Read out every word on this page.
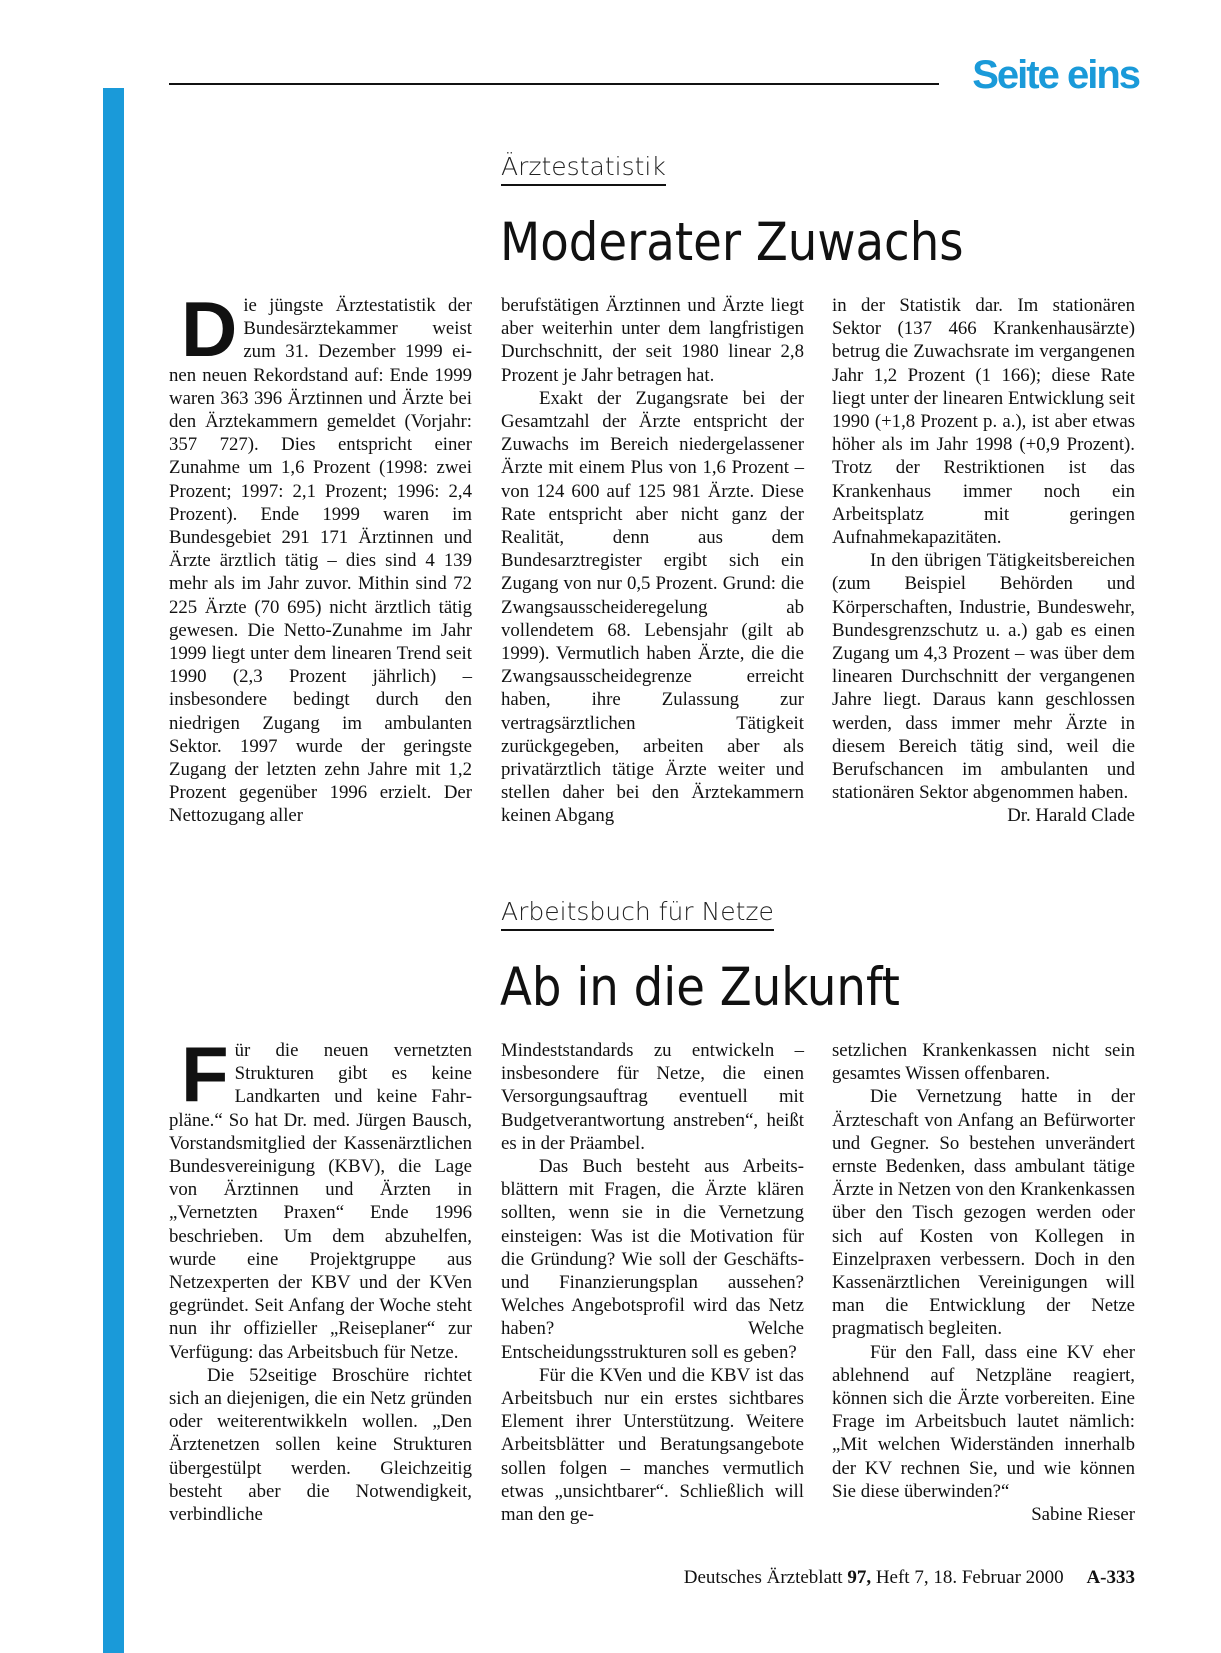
Seite eins
Ärztestatistik
Moderater Zuwachs
D ie jüngste Ärztestatistik der Bundesärztekammer weist zum 31. Dezember 1999 einen neuen Rekordstand auf: Ende 1999 waren 363 396 Ärztinnen und Ärzte bei den Ärztekammern gemeldet (Vorjahr: 357 727). Dies entspricht einer Zunahme um 1,6 Prozent (1998: zwei Prozent; 1997: 2,1 Prozent; 1996: 2,4 Prozent). Ende 1999 waren im Bundesgebiet 291 171 Ärztinnen und Ärzte ärztlich tätig – dies sind 4 139 mehr als im Jahr zuvor. Mithin sind 72 225 Ärzte (70 695) nicht ärztlich tätig gewesen. Die Netto-Zunahme im Jahr 1999 liegt unter dem linearen Trend seit 1990 (2,3 Prozent jährlich) – insbesondere bedingt durch den niedrigen Zugang im ambulanten Sektor. 1997 wurde der geringste Zugang der letzten zehn Jahre mit 1,2 Prozent gegenüber 1996 erzielt. Der Nettozugang aller

berufstätigen Ärztinnen und Ärzte liegt aber weiterhin unter dem langfristigen Durchschnitt, der seit 1980 linear 2,8 Prozent je Jahr betragen hat.

Exakt der Zugangsrate bei der Gesamtzahl der Ärzte entspricht der Zuwachs im Bereich niedergelassener Ärzte mit einem Plus von 1,6 Prozent – von 124 600 auf 125 981 Ärzte. Diese Rate entspricht aber nicht ganz der Realität, denn aus dem Bundesarztregister ergibt sich ein Zugang von nur 0,5 Prozent. Grund: die Zwangsausscheideregelung ab vollendetem 68. Lebensjahr (gilt ab 1999). Vermutlich haben Ärzte, die die Zwangsausscheidegrenze erreicht haben, ihre Zulassung zur vertragsärztlichen Tätigkeit zurückgegeben, arbeiten aber als privatärztlich tätige Ärzte weiter und stellen daher bei den Ärztekammern keinen Abgang

in der Statistik dar. Im stationären Sektor (137 466 Krankenhausärzte) betrug die Zuwachsrate im vergangenen Jahr 1,2 Prozent (1 166); diese Rate liegt unter der linearen Entwicklung seit 1990 (+1,8 Prozent p. a.), ist aber etwas höher als im Jahr 1998 (+0,9 Prozent). Trotz der Restriktionen ist das Krankenhaus immer noch ein Arbeitsplatz mit geringen Aufnahmekapazitäten.

In den übrigen Tätigkeitsbereichen (zum Beispiel Behörden und Körperschaften, Industrie, Bundeswehr, Bundesgrenzschutz u. a.) gab es einen Zugang um 4,3 Prozent – was über dem linearen Durchschnitt der vergangenen Jahre liegt. Daraus kann geschlossen werden, dass immer mehr Ärzte in diesem Bereich tätig sind, weil die Berufschancen im ambulanten und stationären Sektor abgenommen haben.
Dr. Harald Clade

Arbeitsbuch für Netze
Ab in die Zukunft
F ür die neuen vernetzten Strukturen gibt es keine Landkarten und keine Fahrpläne.“ So hat Dr. med. Jürgen Bausch, Vorstandsmitglied der Kassenärztlichen Bundesvereinigung (KBV), die Lage von Ärztinnen und Ärzten in „Vernetzten Praxen“ Ende 1996 beschrieben. Um dem abzuhelfen, wurde eine Projektgruppe aus Netzexperten der KBV und der KVen gegründet. Seit Anfang der Woche steht nun ihr offizieller „Reiseplaner“ zur Verfügung: das Arbeitsbuch für Netze.

Die 52seitige Broschüre richtet sich an diejenigen, die ein Netz gründen oder weiterentwikkeln wollen. „Den Ärztenetzen sollen keine Strukturen übergestülpt werden. Gleichzeitig besteht aber die Notwendigkeit, verbindliche

Mindeststandards zu entwickeln – insbesondere für Netze, die einen Versorgungsauftrag eventuell mit Budgetverantwortung anstreben“, heißt es in der Präambel.

Das Buch besteht aus Arbeitsblättern mit Fragen, die Ärzte klären sollten, wenn sie in die Vernetzung einsteigen: Was ist die Motivation für die Gründung? Wie soll der Geschäfts- und Finanzierungsplan aussehen? Welches Angebotsprofil wird das Netz haben? Welche Entscheidungsstrukturen soll es geben?

Für die KVen und die KBV ist das Arbeitsbuch nur ein erstes sichtbares Element ihrer Unterstützung. Weitere Arbeitsblätter und Beratungsangebote sollen folgen – manches vermutlich etwas „unsichtbarer“. Schließlich will man den ge-

setzlichen Krankenkassen nicht sein gesamtes Wissen offenbaren.

Die Vernetzung hatte in der Ärzteschaft von Anfang an Befürworter und Gegner. So bestehen unverändert ernste Bedenken, dass ambulant tätige Ärzte in Netzen von den Krankenkassen über den Tisch gezogen werden oder sich auf Kosten von Kollegen in Einzelpraxen verbessern. Doch in den Kassenärztlichen Vereinigungen will man die Entwicklung der Netze pragmatisch begleiten.

Für den Fall, dass eine KV eher ablehnend auf Netzpläne reagiert, können sich die Ärzte vorbereiten. Eine Frage im Arbeitsbuch lautet nämlich: „Mit welchen Widerständen innerhalb der KV rechnen Sie, und wie können Sie diese überwinden?“
Sabine Rieser

Deutsches Ärzteblatt 97, Heft 7, 18. Februar 2000 A-333
